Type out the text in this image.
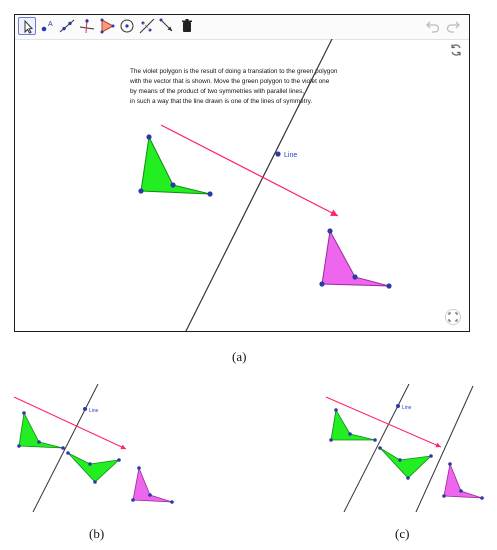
A
The violet polygon is the result of doing a translation to the green polygon
with the vector that is shown. Move the green polygon to the violet one
by means of the product of two symmetries with parallel lines,
in such a way that the line drawn is one of the lines of symmetry.
Line
(a)
Line
(b)
Line
(c)
